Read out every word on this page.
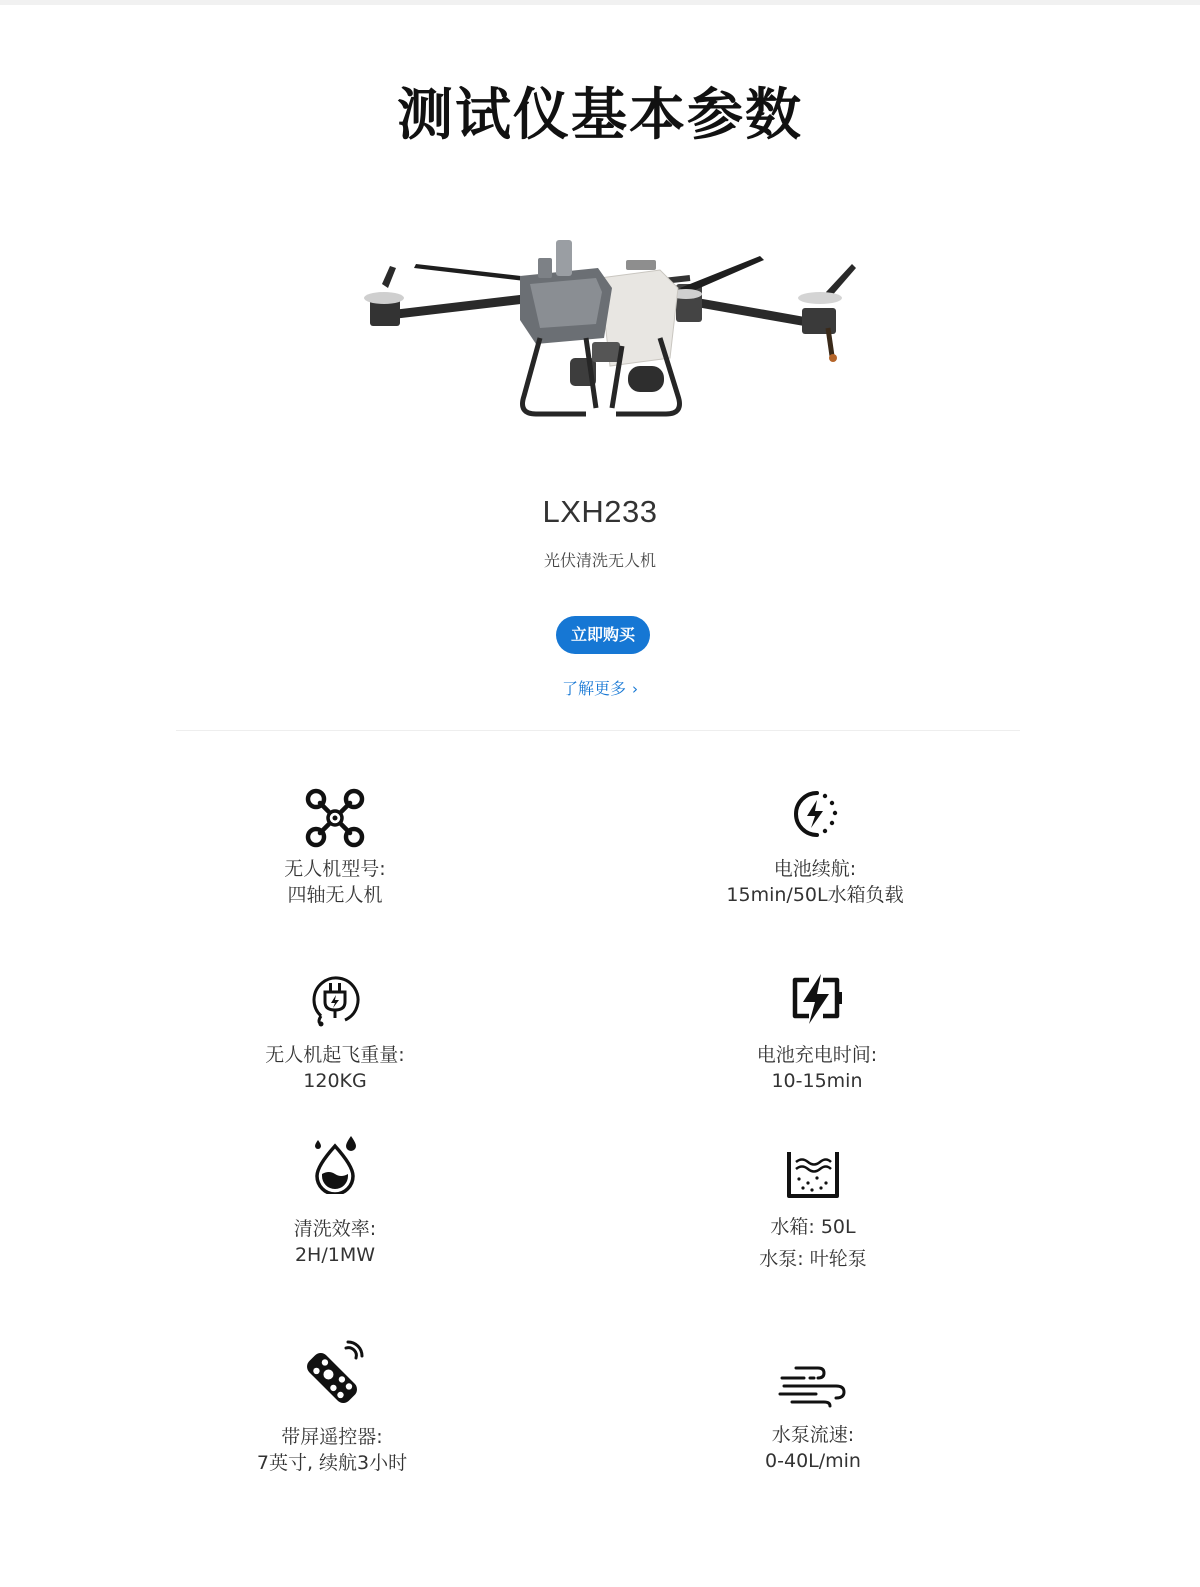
测试仪基本参数
LXH233
光伏清洗无人机
立即购买
了解更多 ›
无人机型号:
四轴无人机
电池续航:
15min/50L水箱负载
无人机起飞重量:
120KG
电池充电时间:
10-15min
清洗效率:
2H/1MW
水箱: 50L
水泵: 叶轮泵
带屏遥控器:
7英寸, 续航3小时
水泵流速:
0-40L/min
